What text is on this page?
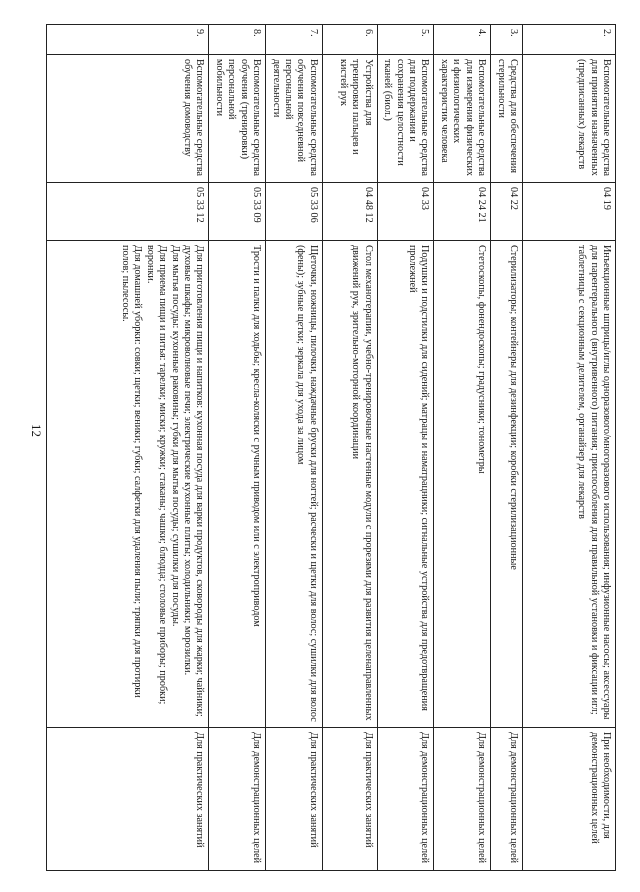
12
2.	Вспомогательные средства для принятия назначенных (предписанных) лекарств	04 19	Инъекционные шприцы/иглы одноразового/многоразового использования; инфузионные насосы; аксессуары для парентерального (внутривенного) питания; приспособления для правильной установки и фиксации игл; таблетницы с секционным делителем, органайзер для лекарств	При необходимости, для демонстрационных целей
3.	Средства для обеспечения стерильности	04 22	Стерилизаторы; контейнеры для дезинфекции; коробки стерилизационные	Для демонстрационных целей
4.	Вспомогательные средства для измерения физических и физиологических характеристик человека	04 24 21	Стетоскопы, фонендоскопы; градусники; тонометры	Для демонстрационных целей
5.	Вспомогательные средства для поддержания и сохранения целостности тканей (биол.)	04 33	Подушки и подстилки для сидений; матрацы и наматрацники; сигнальные устройства для предотвращения пролежней	Для демонстрационных целей
6.	Устройства для тренировки пальцев и кистей рук	04 48 12	Стол механотерапии, учебно-тренировочные настенные модули с прорезями для развития целенаправленных движений рук, зрительно-моторной координации	Для практических занятий
7.	Вспомогательные средства обучения повседневной персональной деятельности	05 33 06	Щеточки, ножницы, пилочки, наждачные бруски для ногтей; расчески и щетки для волос; сушилки для волос (фены); зубные щетки; зеркала для ухода за лицом	Для практических занятий
8.	Вспомогательные средства обучения (тренировки) персональной мобильности	05 33 09	Трости и палки для ходьбы; кресла-коляски с ручным приводом или с электроприводом	Для демонстрационных целей
9.	Вспомогательные средства обучения домоводству	05 33 12	Для приготовления пищи и напитков: кухонная посуда для варки продуктов, сковороды для жарки; чайники; духовые шкафы; микроволновые печи; электрические кухонные плиты; холодильники; морозилки.
Для мытья посуды: кухонные раковины; губки для мытья посуды; сушилки для посуды.
Для приема пищи и питья: тарелки; миски; кружки; стаканы; чашки; блюдца; столовые приборы; пробки; воронки.
Для домашней уборки: совки; щетки; веники; губки; салфетки для удаления пыли; тряпки для протирки полов; пылесосы.	Для практических занятий
